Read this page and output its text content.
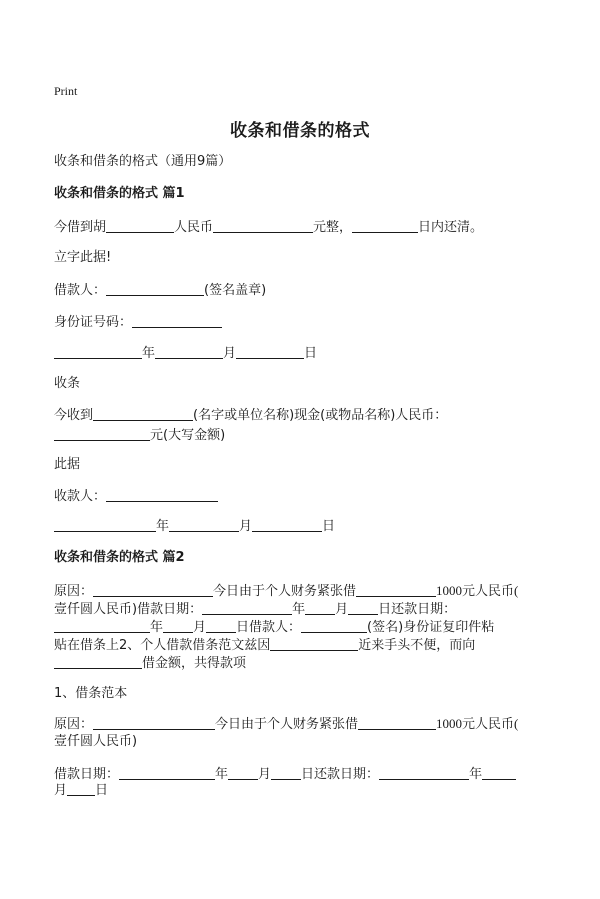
Print
收条和借条的格式
收条和借条的格式（通用9篇）
收条和借条的格式 篇1
今借到胡	人民币	元整，	日内还清。
立字此据!
借款人：	(签名盖章)
身份证号码：
年	月	日
收条
今收到	(名字或单位名称)现金(或物品名称)人民币：
元(大写金额)
此据
收款人：
年	月	日
收条和借条的格式 篇2
原因：	今日由于个人财务紧张借	1000元人民币(
壹仟圆人民币)借款日期：	年 月 日还款日期：
年 月 日借款人：	(签名)身份证复印件粘
贴在借条上2、个人借款借条范文兹因	近来手头不便，而向
借金额，共得款项
1、借条范本
原因：	今日由于个人财务紧张借	1000元人民币(
壹仟圆人民币)
借款日期：	年 月 日还款日期：	年
月 日
